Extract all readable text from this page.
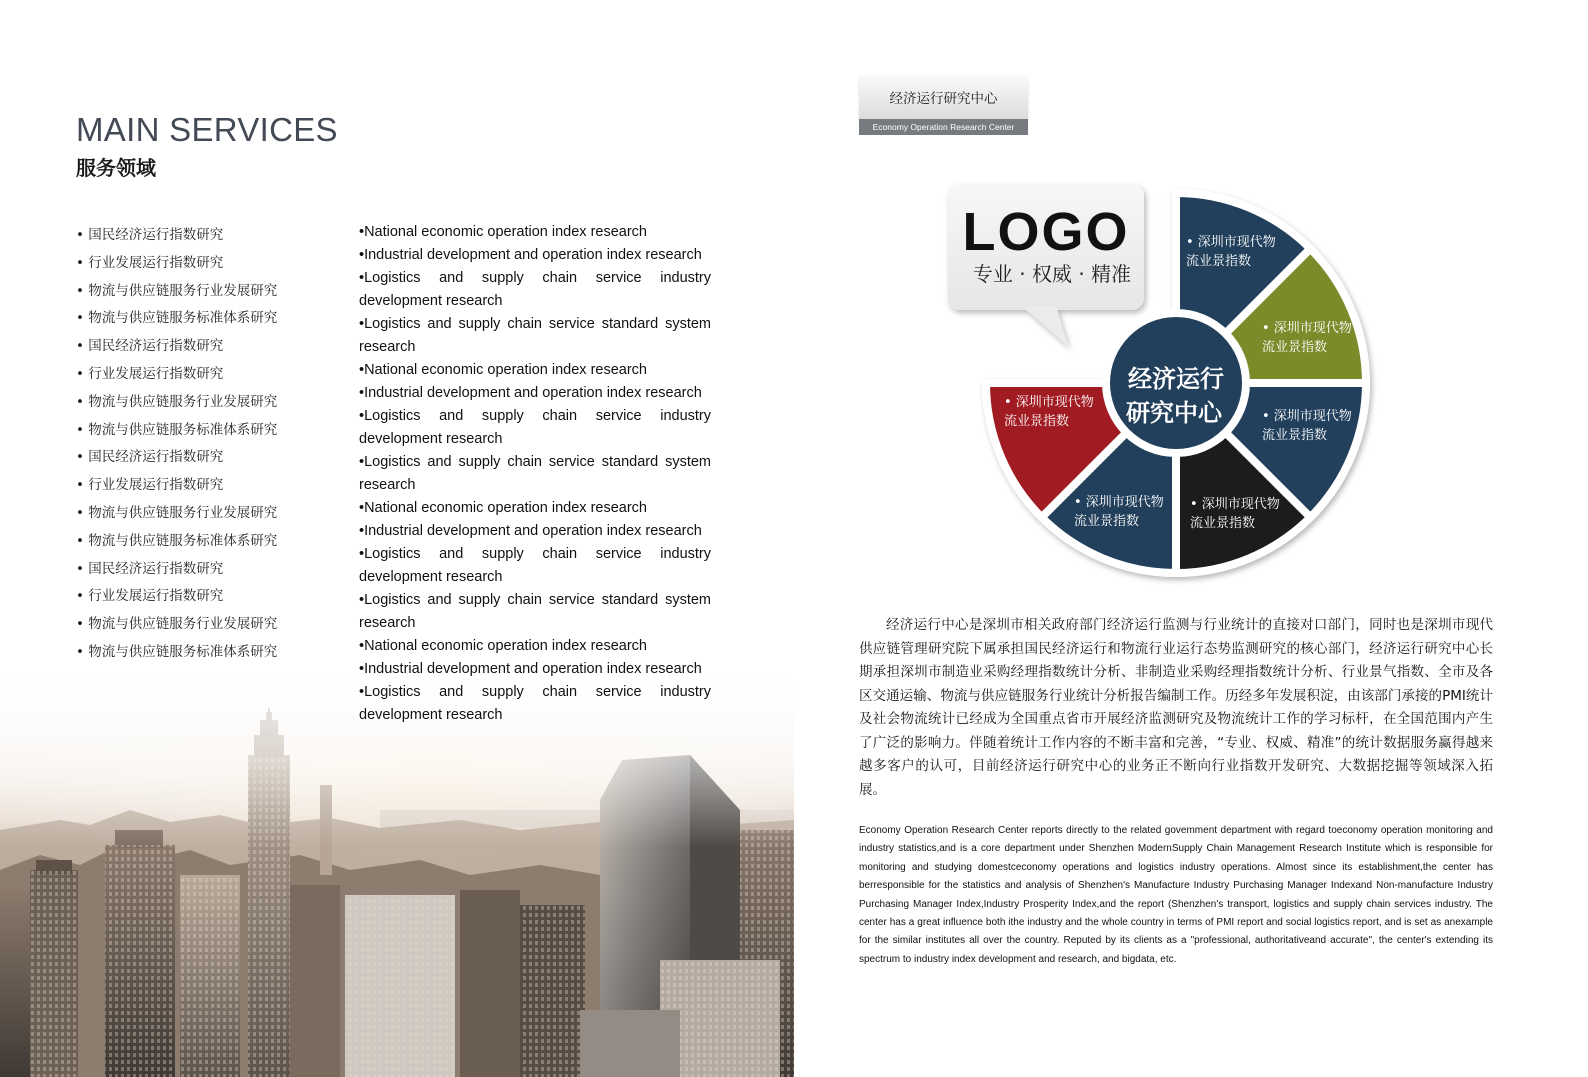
MAIN SERVICES
服务领域
• 国民经济运行指数研究
• 行业发展运行指数研究
• 物流与供应链服务行业发展研究
• 物流与供应链服务标准体系研究
• 国民经济运行指数研究
• 行业发展运行指数研究
• 物流与供应链服务行业发展研究
• 物流与供应链服务标准体系研究
• 国民经济运行指数研究
• 行业发展运行指数研究
• 物流与供应链服务行业发展研究
• 物流与供应链服务标准体系研究
• 国民经济运行指数研究
• 行业发展运行指数研究
• 物流与供应链服务行业发展研究
• 物流与供应链服务标准体系研究
• National economic operation index research
• Industrial development and operation index research
• Logistics and supply chain service industry development research
• Logistics and supply chain service standard system research
• National economic operation index research
• Industrial development and operation index research
• Logistics and supply chain service industry development research
• Logistics and supply chain service standard system research
• National economic operation index research
• Industrial development and operation index research
• Logistics and supply chain service industry development research
• Logistics and supply chain service standard system research
• National economic operation index research
• Industrial development and operation index research
• Logistics and supply chain service industry development research
经济运行研究中心
Economy Operation Research Center
LOGO
专业 · 权威 · 精准
• 深圳市现代物
流业景指数
• 深圳市现代物
流业景指数
• 深圳市现代物
流业景指数
• 深圳市现代物
流业景指数
• 深圳市现代物
流业景指数
• 深圳市现代物
流业景指数
经济运行
研究中心

经济运行中心是深圳市相关政府部门经济运行监测与行业统计的直接对口部门，同时也是深圳市现代供应链管理研究院下属承担国民经济运行和物流行业运行态势监测研究的核心部门，经济运行研究中心长期承担深圳市制造业采购经理指数统计分析、非制造业采购经理指数统计分析、行业景气指数、全市及各区交通运输、物流与供应链服务行业统计分析报告编制工作。历经多年发展积淀，由该部门承接的PMI统计及社会物流统计已经成为全国重点省市开展经济监测研究及物流统计工作的学习标杆，在全国范围内产生了广泛的影响力。伴随着统计工作内容的不断丰富和完善，“专业、权威、精准”的统计数据服务赢得越来越多客户的认可，目前经济运行研究中心的业务正不断向行业指数开发研究、大数据挖掘等领域深入拓展。

Economy Operation Research Center reports directly to the related govemment department with regard toeconomy operation monitoring and industry statistics,and is a core department under Shenzhen ModernSupply Chain Management Research Institute which is responsible for monitoring and studying domestceconomy operations and logistics industry operations. Almost since its establishment,the center has berresponsible for the statistics and analysis of Shenzhen's Manufacture Industry Purchasing Manager Indexand Non-manufacture Industry Purchasing Manager Index,Industry Prosperity Index,and the report (Shenzhen's transport, logistics and supply chain services industry. The center has a great influence both ithe industry and the whole country in terms of PMI report and social logistics report, and is set as anexample for the similar institutes all over the country. Reputed by its clients as a "professional, authoritativeand accurate", the center's extending its spectrum to industry index development and research, and bigdata, etc.
